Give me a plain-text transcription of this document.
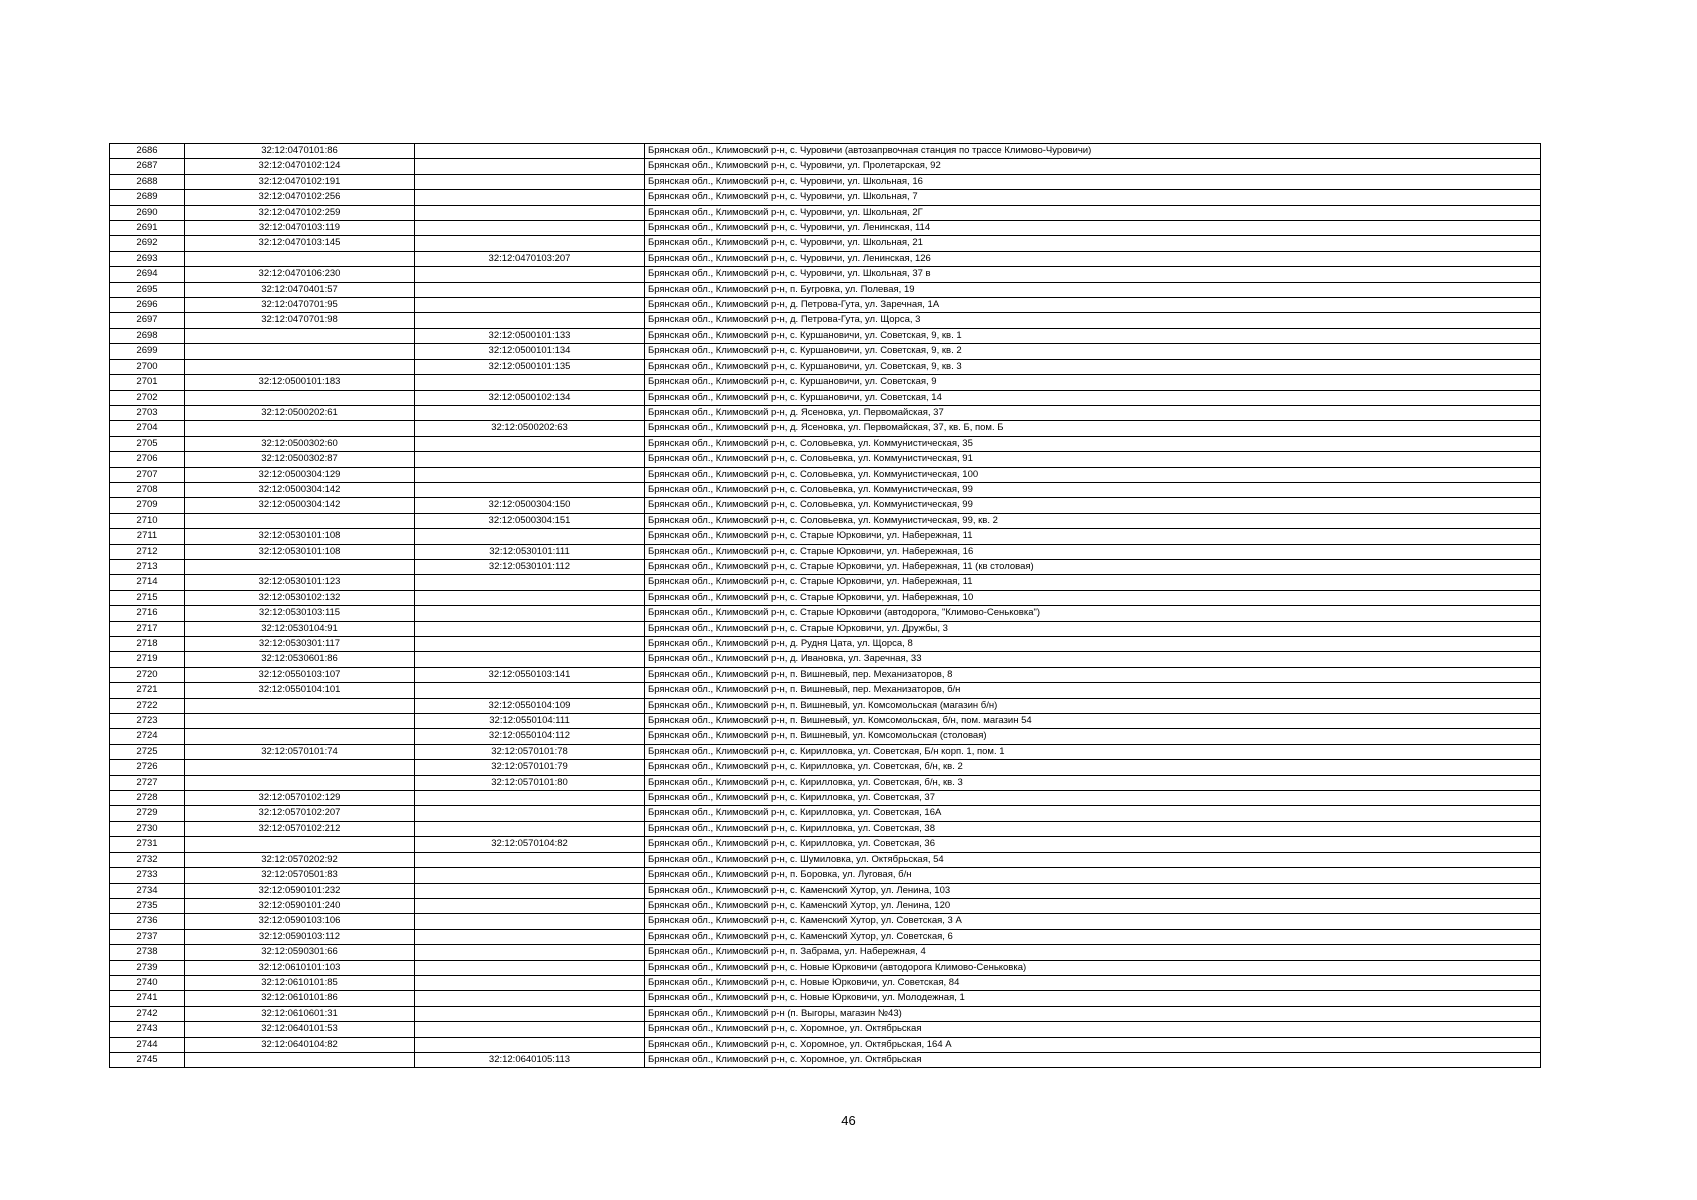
2686	32:12:0470101:86		Брянская обл., Климовский р-н, с. Чуровичи (автозапрвочная станция по трассе Климово-Чуровичи)
2687	32:12:0470102:124		Брянская обл., Климовский р-н, с. Чуровичи, ул. Пролетарская, 92
2688	32:12:0470102:191		Брянская обл., Климовский р-н, с. Чуровичи, ул. Школьная, 16
2689	32:12:0470102:256		Брянская обл., Климовский р-н, с. Чуровичи, ул. Школьная, 7
2690	32:12:0470102:259		Брянская обл., Климовский р-н, с. Чуровичи, ул. Школьная, 2Г
2691	32:12:0470103:119		Брянская обл., Климовский р-н, с. Чуровичи, ул. Ленинская, 114
2692	32:12:0470103:145		Брянская обл., Климовский р-н, с. Чуровичи, ул. Школьная, 21
2693		32:12:0470103:207	Брянская обл., Климовский р-н, с. Чуровичи, ул. Ленинская, 126
2694	32:12:0470106:230		Брянская обл., Климовский р-н, с. Чуровичи, ул. Школьная, 37 в
2695	32:12:0470401:57		Брянская обл., Климовский р-н, п. Бугровка, ул. Полевая, 19
2696	32:12:0470701:95		Брянская обл., Климовский р-н, д. Петрова-Гута, ул. Заречная, 1А
2697	32:12:0470701:98		Брянская обл., Климовский р-н, д. Петрова-Гута, ул. Щорса, 3
2698		32:12:0500101:133	Брянская обл., Климовский р-н, с. Куршановичи, ул. Советская, 9, кв. 1
2699		32:12:0500101:134	Брянская обл., Климовский р-н, с. Куршановичи, ул. Советская, 9, кв. 2
2700		32:12:0500101:135	Брянская обл., Климовский р-н, с. Куршановичи, ул. Советская, 9, кв. 3
2701	32:12:0500101:183		Брянская обл., Климовский р-н, с. Куршановичи, ул. Советская, 9
2702		32:12:0500102:134	Брянская обл., Климовский р-н, с. Куршановичи, ул. Советская, 14
2703	32:12:0500202:61		Брянская обл., Климовский р-н, д. Ясеновка, ул. Первомайская, 37
2704		32:12:0500202:63	Брянская обл., Климовский р-н, д. Ясеновка, ул. Первомайская, 37, кв. Б, пом. Б
2705	32:12:0500302:60		Брянская обл., Климовский р-н, с. Соловьевка, ул. Коммунистическая, 35
2706	32:12:0500302:87		Брянская обл., Климовский р-н, с. Соловьевка, ул. Коммунистическая, 91
2707	32:12:0500304:129		Брянская обл., Климовский р-н, с. Соловьевка, ул. Коммунистическая, 100
2708	32:12:0500304:142		Брянская обл., Климовский р-н, с. Соловьевка, ул. Коммунистическая, 99
2709	32:12:0500304:142	32:12:0500304:150	Брянская обл., Климовский р-н, с. Соловьевка, ул. Коммунистическая, 99
2710		32:12:0500304:151	Брянская обл., Климовский р-н, с. Соловьевка, ул. Коммунистическая, 99, кв. 2
2711	32:12:0530101:108		Брянская обл., Климовский р-н, с. Старые Юрковичи, ул. Набережная, 11
2712	32:12:0530101:108	32:12:0530101:111	Брянская обл., Климовский р-н, с. Старые Юрковичи, ул. Набережная, 16
2713		32:12:0530101:112	Брянская обл., Климовский р-н, с. Старые Юрковичи, ул. Набережная, 11 (кв столовая)
2714	32:12:0530101:123		Брянская обл., Климовский р-н, с. Старые Юрковичи, ул. Набережная, 11
2715	32:12:0530102:132		Брянская обл., Климовский р-н, с. Старые Юрковичи, ул. Набережная, 10
2716	32:12:0530103:115		Брянская обл., Климовский р-н, с. Старые Юрковичи (автодорога, "Климово-Сеньковка")
2717	32:12:0530104:91		Брянская обл., Климовский р-н, с. Старые Юрковичи, ул. Дружбы, 3
2718	32:12:0530301:117		Брянская обл., Климовский р-н, д. Рудня Цата, ул. Щорса, 8
2719	32:12:0530601:86		Брянская обл., Климовский р-н, д. Ивановка, ул. Заречная, 33
2720	32:12:0550103:107	32:12:0550103:141	Брянская обл., Климовский р-н, п. Вишневый, пер. Механизаторов, 8
2721	32:12:0550104:101		Брянская обл., Климовский р-н, п. Вишневый, пер. Механизаторов, б/н
2722		32:12:0550104:109	Брянская обл., Климовский р-н, п. Вишневый, ул. Комсомольская (магазин б/н)
2723		32:12:0550104:111	Брянская обл., Климовский р-н, п. Вишневый, ул. Комсомольская, б/н, пом. магазин 54
2724		32:12:0550104:112	Брянская обл., Климовский р-н, п. Вишневый, ул. Комсомольская (столовая)
2725	32:12:0570101:74	32:12:0570101:78	Брянская обл., Климовский р-н, с. Кирилловка, ул. Советская, Б/н корп. 1, пом. 1
2726		32:12:0570101:79	Брянская обл., Климовский р-н, с. Кирилловка, ул. Советская, б/н, кв. 2
2727		32:12:0570101:80	Брянская обл., Климовский р-н, с. Кирилловка, ул. Советская, б/н, кв. 3
2728	32:12:0570102:129		Брянская обл., Климовский р-н, с. Кирилловка, ул. Советская, 37
2729	32:12:0570102:207		Брянская обл., Климовский р-н, с. Кирилловка, ул. Советская, 16А
2730	32:12:0570102:212		Брянская обл., Климовский р-н, с. Кирилловка, ул. Советская, 38
2731		32:12:0570104:82	Брянская обл., Климовский р-н, с. Кирилловка, ул. Советская, 36
2732	32:12:0570202:92		Брянская обл., Климовский р-н, с. Шумиловка, ул. Октябрьская, 54
2733	32:12:0570501:83		Брянская обл., Климовский р-н, п. Боровка, ул. Луговая, б/н
2734	32:12:0590101:232		Брянская обл., Климовский р-н, с. Каменский Хутор, ул. Ленина, 103
2735	32:12:0590101:240		Брянская обл., Климовский р-н, с. Каменский Хутор, ул. Ленина, 120
2736	32:12:0590103:106		Брянская обл., Климовский р-н, с. Каменский Хутор, ул. Советская, 3 А
2737	32:12:0590103:112		Брянская обл., Климовский р-н, с. Каменский Хутор, ул. Советская, 6
2738	32:12:0590301:66		Брянская обл., Климовский р-н, п. Забрама, ул. Набережная, 4
2739	32:12:0610101:103		Брянская обл., Климовский р-н, с. Новые Юрковичи (автодорога Климово-Сеньковка)
2740	32:12:0610101:85		Брянская обл., Климовский р-н, с. Новые Юрковичи, ул. Советская, 84
2741	32:12:0610101:86		Брянская обл., Климовский р-н, с. Новые Юрковичи, ул. Молодежная, 1
2742	32:12:0610601:31		Брянская обл., Климовский р-н (п. Выгоры, магазин №43)
2743	32:12:0640101:53		Брянская обл., Климовский р-н, с. Хоромное, ул. Октябрьская
2744	32:12:0640104:82		Брянская обл., Климовский р-н, с. Хоромное, ул. Октябрьская, 164 А
2745		32:12:0640105:113	Брянская обл., Климовский р-н, с. Хоромное, ул. Октябрьская
46
